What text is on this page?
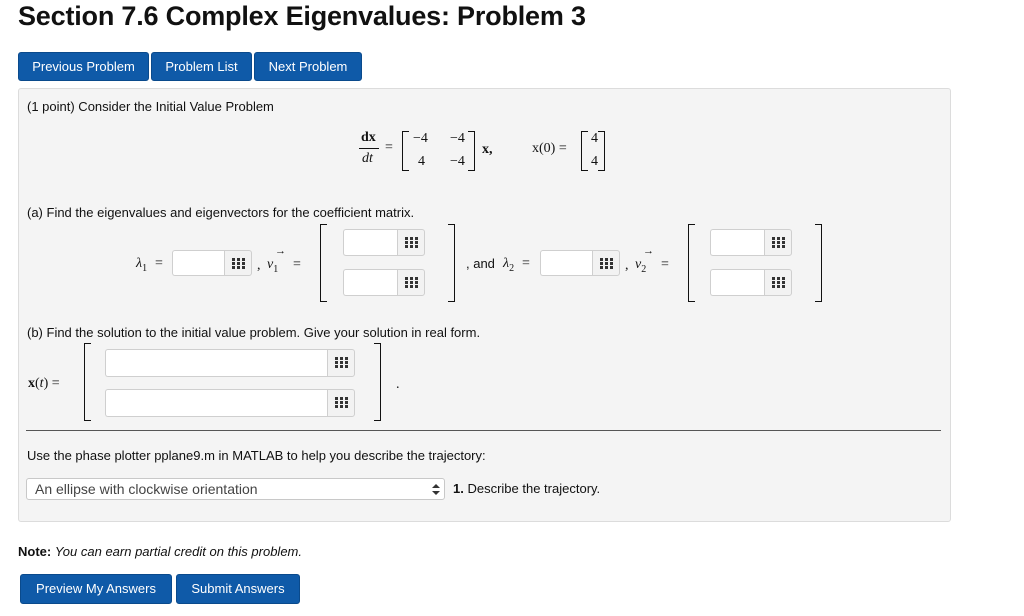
Section 7.6 Complex Eigenvalues: Problem 3
Previous Problem	Problem List	Next Problem
(1 point) Consider the Initial Value Problem
dx
dt
=
−4 −4
4 −4
x,	x(0) =
4
4
(a) Find the eigenvalues and eigenvectors for the coefficient matrix.
$\lambda_1$ =	,
→
$v_1$ =	, and $\lambda_2$ =	,
→
$v_2$ =
(b) Find the solution to the initial value problem. Give your solution in real form.
x(t) =	.
Use the phase plotter pplane9.m in MATLAB to help you describe the trajectory:
An ellipse with clockwise orientation	1. Describe the trajectory.
Note: You can earn partial credit on this problem.
Preview My Answers	Submit Answers
